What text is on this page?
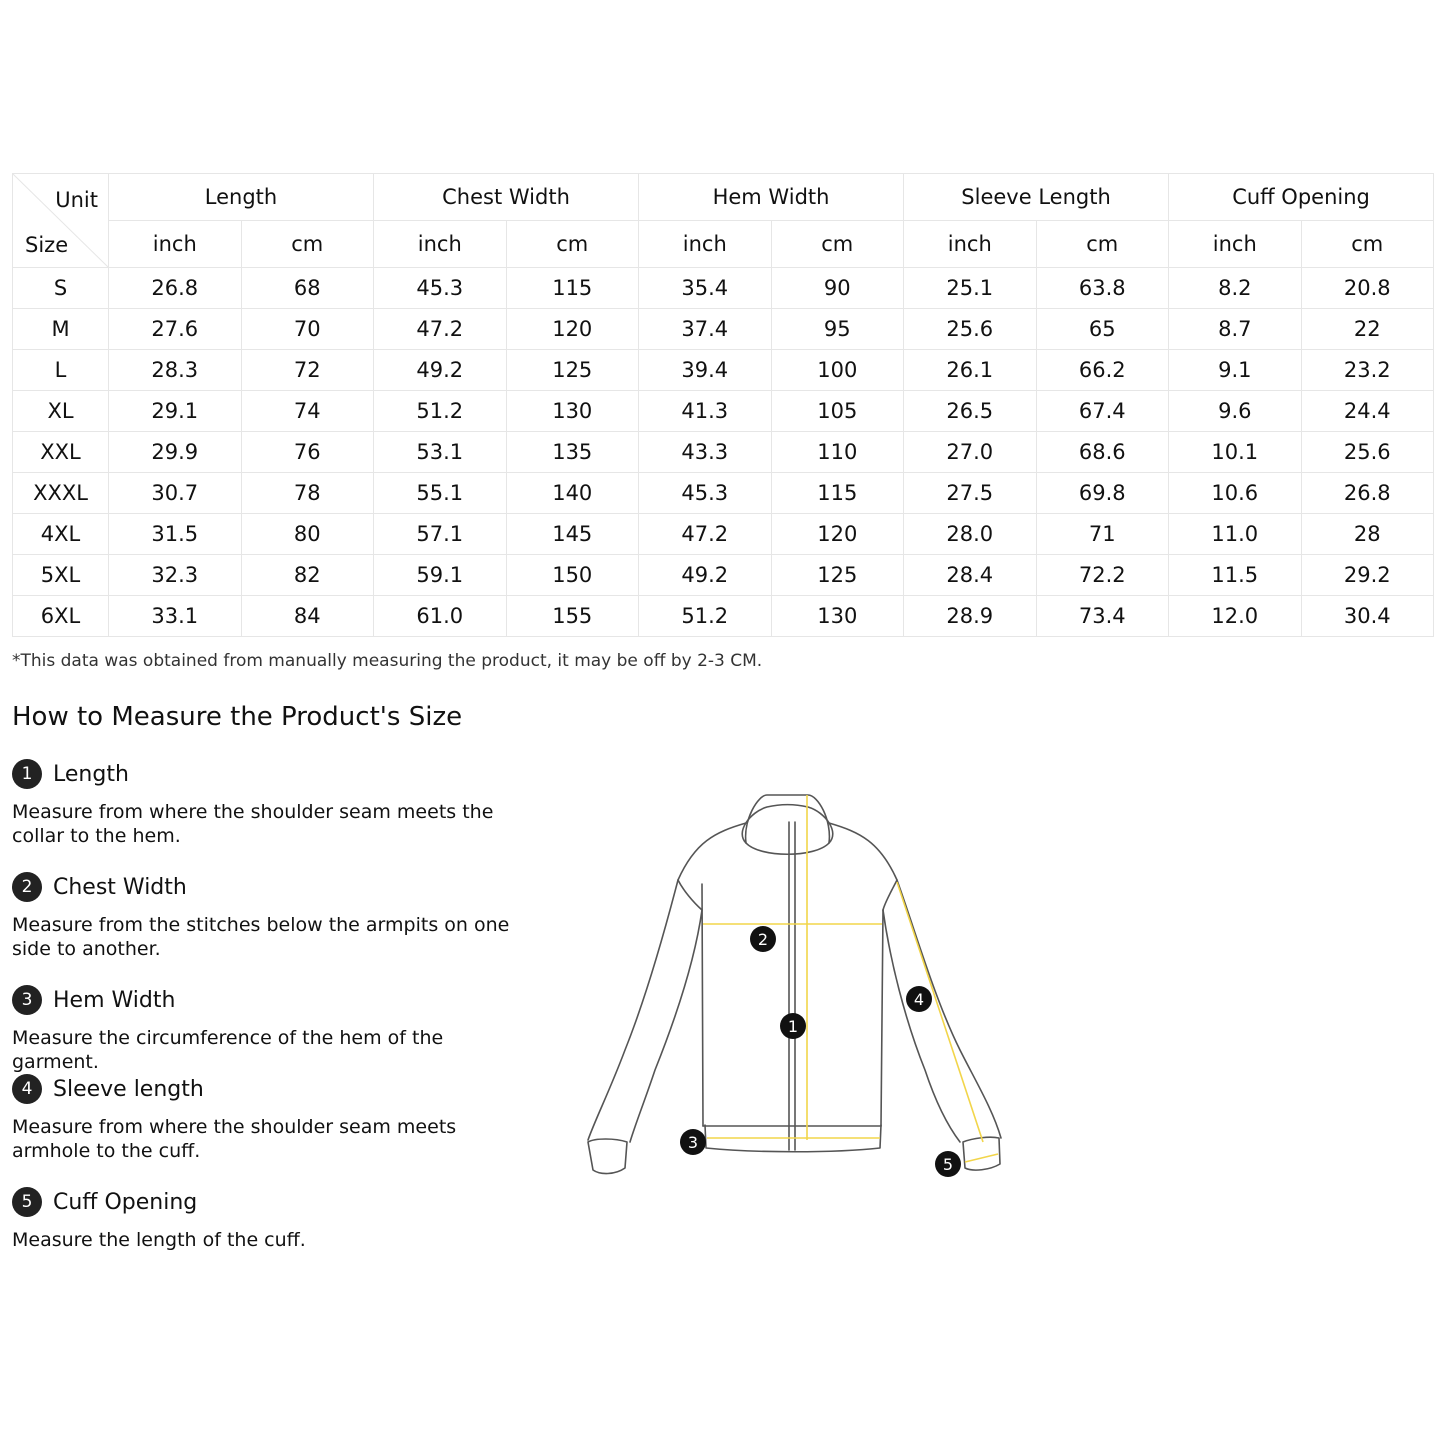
Unit
Size	Length		Chest Width		Hem Width		Sleeve Length		Cuff Opening	
	inch	cm	inch	cm	inch	cm	inch	cm	inch	cm
S	26.8	68	45.3	115	35.4	90	25.1	63.8	8.2	20.8
M	27.6	70	47.2	120	37.4	95	25.6	65	8.7	22
L	28.3	72	49.2	125	39.4	100	26.1	66.2	9.1	23.2
XL	29.1	74	51.2	130	41.3	105	26.5	67.4	9.6	24.4
XXL	29.9	76	53.1	135	43.3	110	27.0	68.6	10.1	25.6
XXXL	30.7	78	55.1	140	45.3	115	27.5	69.8	10.6	26.8
4XL	31.5	80	57.1	145	47.2	120	28.0	71	11.0	28
5XL	32.3	82	59.1	150	49.2	125	28.4	72.2	11.5	29.2
6XL	33.1	84	61.0	155	51.2	130	28.9	73.4	12.0	30.4
*This data was obtained from manually measuring the product, it may be off by 2-3 CM.
How to Measure the Product's Size
1 Length
Measure from where the shoulder seam meets the collar to the hem.
2 Chest Width
Measure from the stitches below the armpits on one side to another.
3 Hem Width
Measure the circumference of the hem of the garment.
4 Sleeve length
Measure from where the shoulder seam meets armhole to the cuff.
5 Cuff Opening
Measure the length of the cuff.
1
2
3
4
5
